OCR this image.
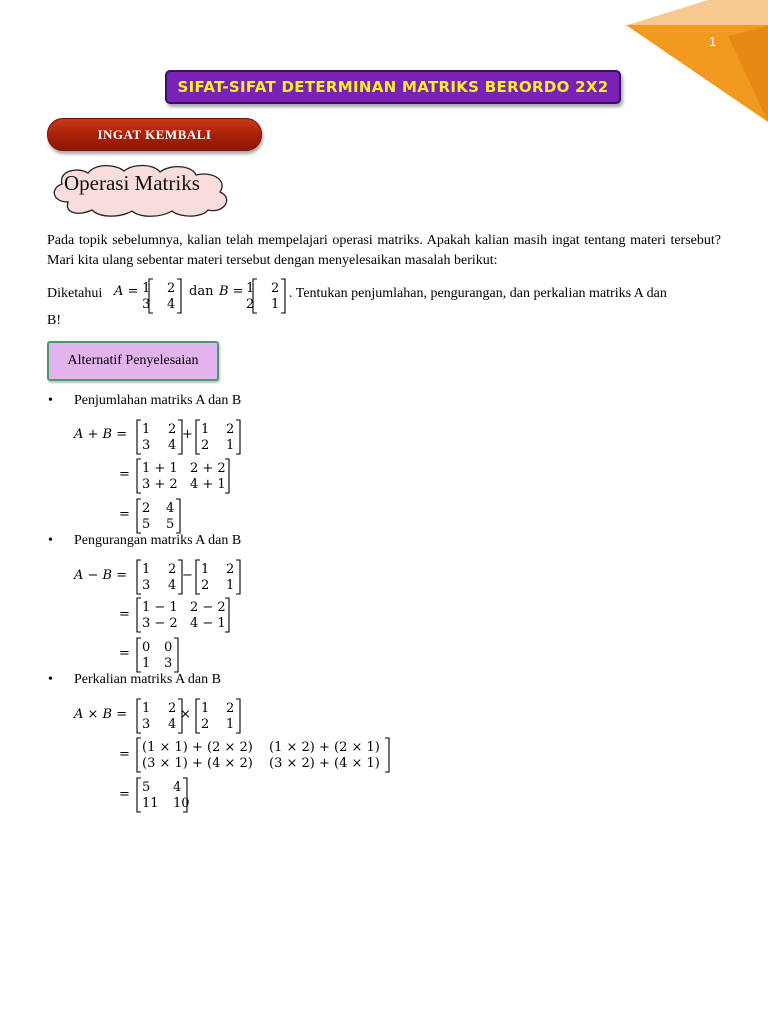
1
SIFAT-SIFAT DETERMINAN MATRIKS BERORDO 2X2
INGAT KEMBALI
Operasi Matriks

Pada topik sebelumnya, kalian telah mempelajari operasi matriks. Apakah kalian masih ingat tentang materi tersebut? Mari kita ulang sebentar materi tersebut dengan menyelesaikan masalah berikut:

Diketahui A = 1 2
3 4
dan B = 1 2
2 1
. Tentukan penjumlahan, pengurangan, dan perkalian matriks A dan
B!
Alternatif Penyelesaian
• Penjumlahan matriks A dan B
A + B = 1 2
3 4
+ 1 2
2 1
= 1 + 1 2 + 2
3 + 2 4 + 1
= 2 4
5 5
• Pengurangan matriks A dan B
A − B = 1 2
3 4
− 1 2
2 1
= 1 − 1 2 − 2
3 − 2 4 − 1
= 0 0
1 3
• Perkalian matriks A dan B
A × B = 1 2
3 4
× 1 2
2 1
= (1 × 1) + (2 × 2) (1 × 2) + (2 × 1)
(3 × 1) + (4 × 2) (3 × 2) + (4 × 1)
= 5 4
11 10
